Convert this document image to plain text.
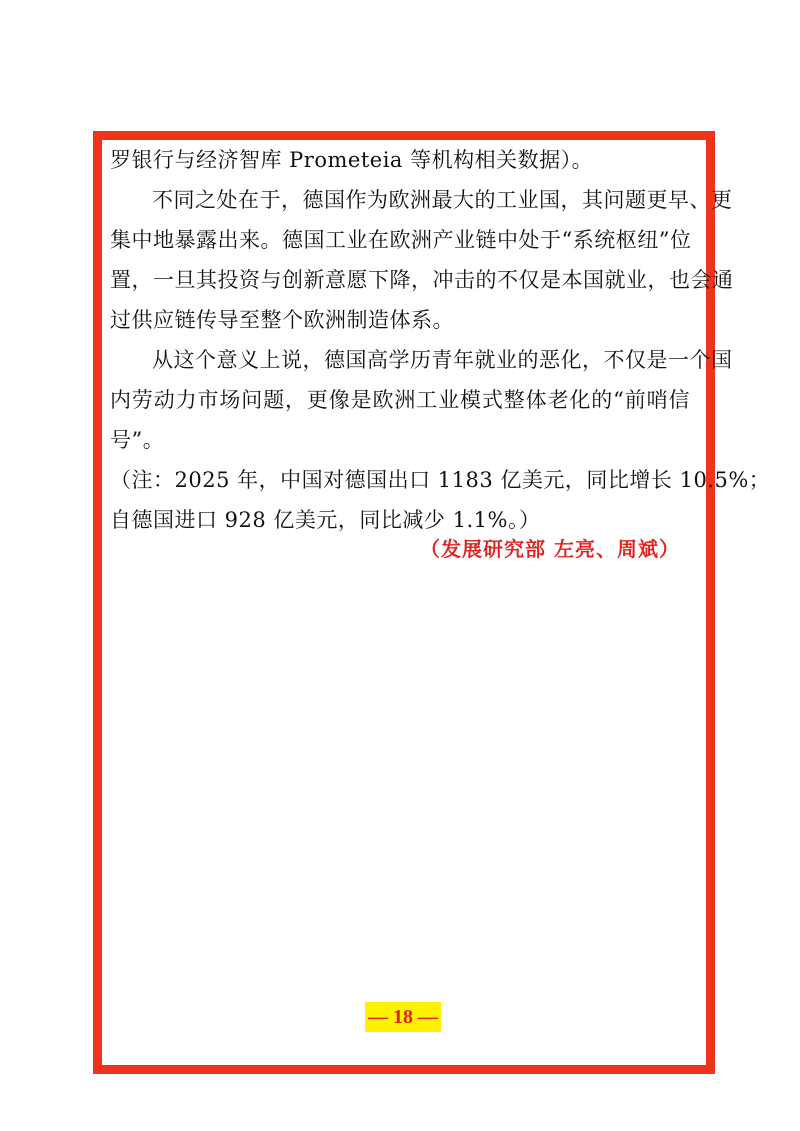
罗银行与经济智库 Prometeia 等机构相关数据）。
不同之处在于，德国作为欧洲最大的工业国，其问题更早、更
集中地暴露出来。德国工业在欧洲产业链中处于“系统枢纽”位
置，一旦其投资与创新意愿下降，冲击的不仅是本国就业，也会通
过供应链传导至整个欧洲制造体系。
从这个意义上说，德国高学历青年就业的恶化，不仅是一个国
内劳动力市场问题，更像是欧洲工业模式整体老化的“前哨信
号”。
（注：2025 年，中国对德国出口 1183 亿美元，同比增长 10.5%；
自德国进口 928 亿美元，同比减少 1.1%。）
（发展研究部 左亮、周斌）
— 18 —
